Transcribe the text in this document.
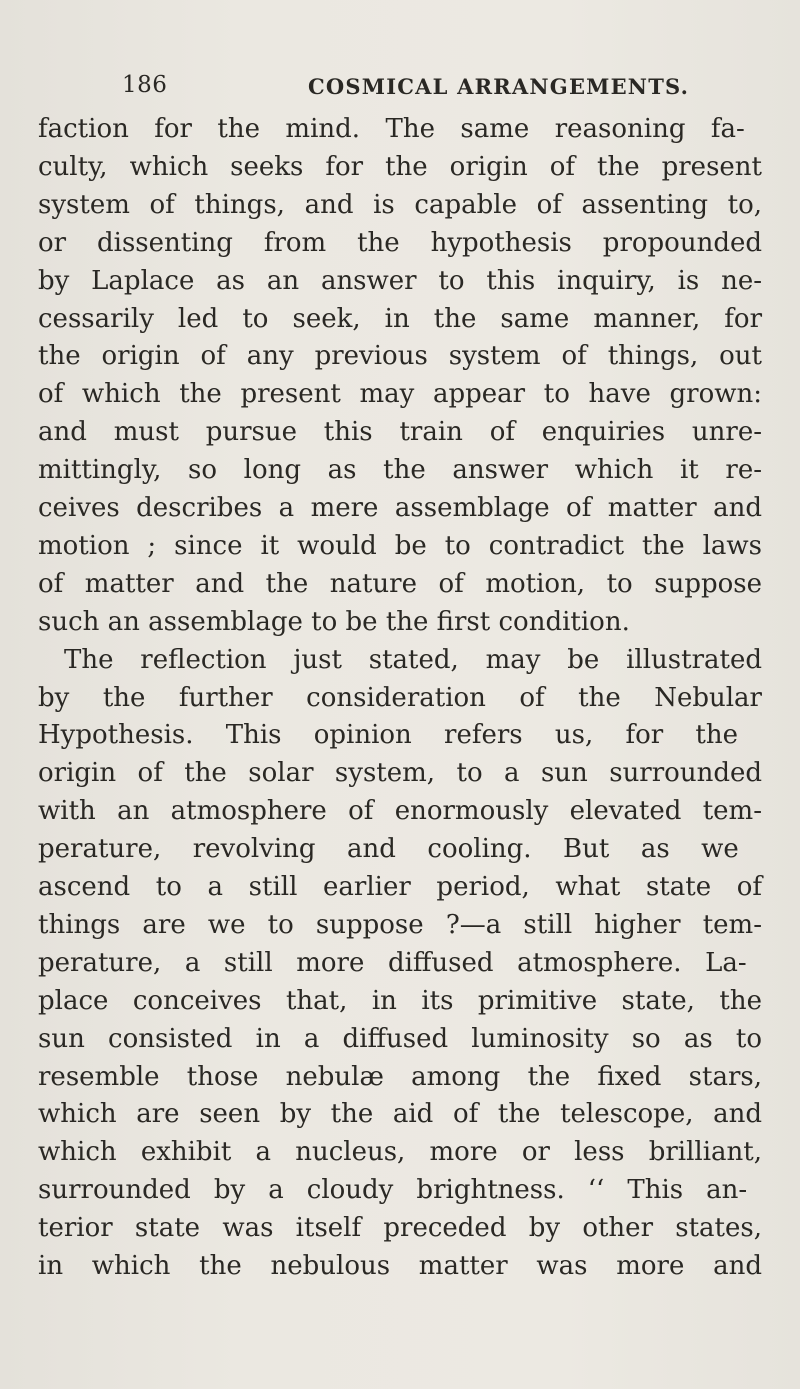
186	COSMICAL ARRANGEMENTS.
faction for the mind. The same reasoning fa-
culty, which seeks for the origin of the present
system of things, and is capable of assenting to,
or dissenting from the hypothesis propounded
by Laplace as an answer to this inquiry, is ne-
cessarily led to seek, in the same manner, for
the origin of any previous system of things, out
of which the present may appear to have grown:
and must pursue this train of enquiries unre-
mittingly, so long as the answer which it re-
ceives describes a mere assemblage of matter and
motion ; since it would be to contradict the laws
of matter and the nature of motion, to suppose
such an assemblage to be the first condition.
The reflection just stated, may be illustrated
by the further consideration of the Nebular
Hypothesis. This opinion refers us, for the
origin of the solar system, to a sun surrounded
with an atmosphere of enormously elevated tem-
perature, revolving and cooling. But as we
ascend to a still earlier period, what state of
things are we to suppose ?—a still higher tem-
perature, a still more diffused atmosphere. La-
place conceives that, in its primitive state, the
sun consisted in a diffused luminosity so as to
resemble those nebulæ among the fixed stars,
which are seen by the aid of the telescope, and
which exhibit a nucleus, more or less brilliant,
surrounded by a cloudy brightness. ‘‘ This an-
terior state was itself preceded by other states,
in which the nebulous matter was more and
